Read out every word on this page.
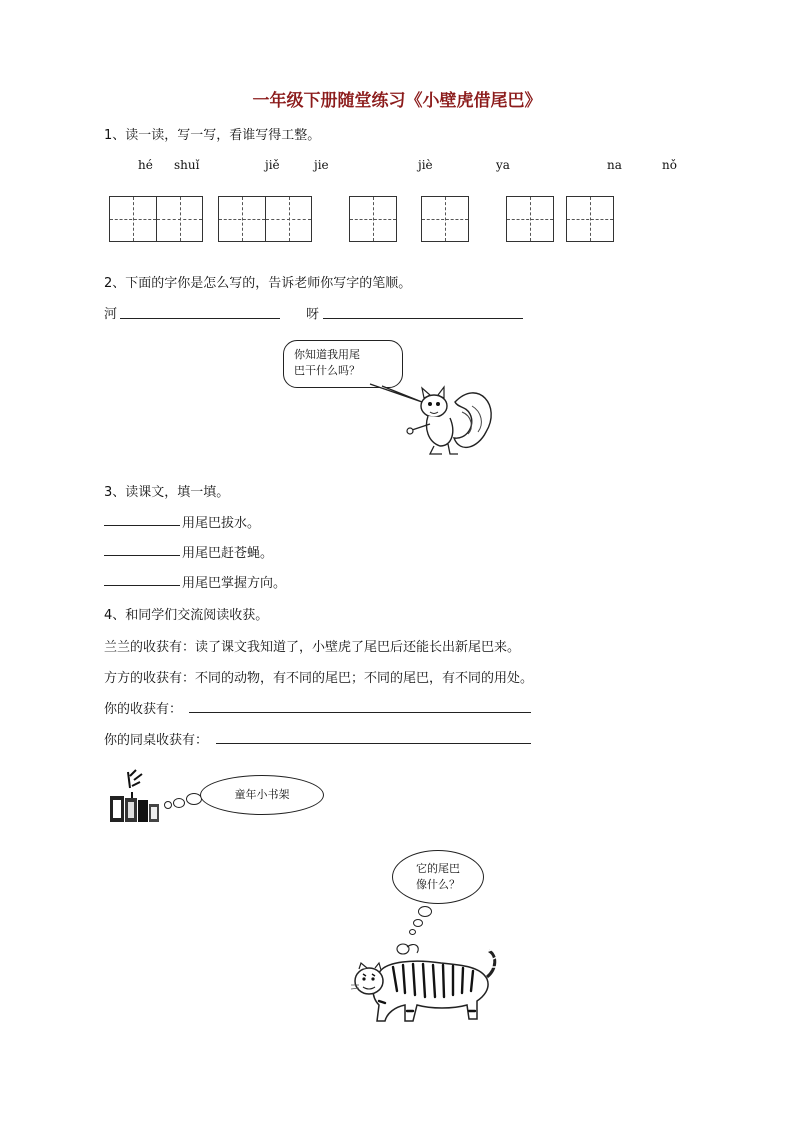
一年级下册随堂练习《小壁虎借尾巴》
1、读一读，写一写，看谁写得工整。
hé shuǐ	jiě	jie	jiè	ya	na	nǒ
2、下面的字你是怎么写的，告诉老师你写字的笔顺。
河	呀
你知道我用尾
巴干什么吗？
3、读课文，填一填。
用尾巴拔水。
用尾巴赶苍蝇。
用尾巴掌握方向。
4、和同学们交流阅读收获。
兰兰的收获有：读了课文我知道了，小壁虎了尾巴后还能长出新尾巴来。
方方的收获有：不同的动物，有不同的尾巴；不同的尾巴，有不同的用处。
你的收获有：
你的同桌收获有：
童年小书架
它的尾巴
像什么？
